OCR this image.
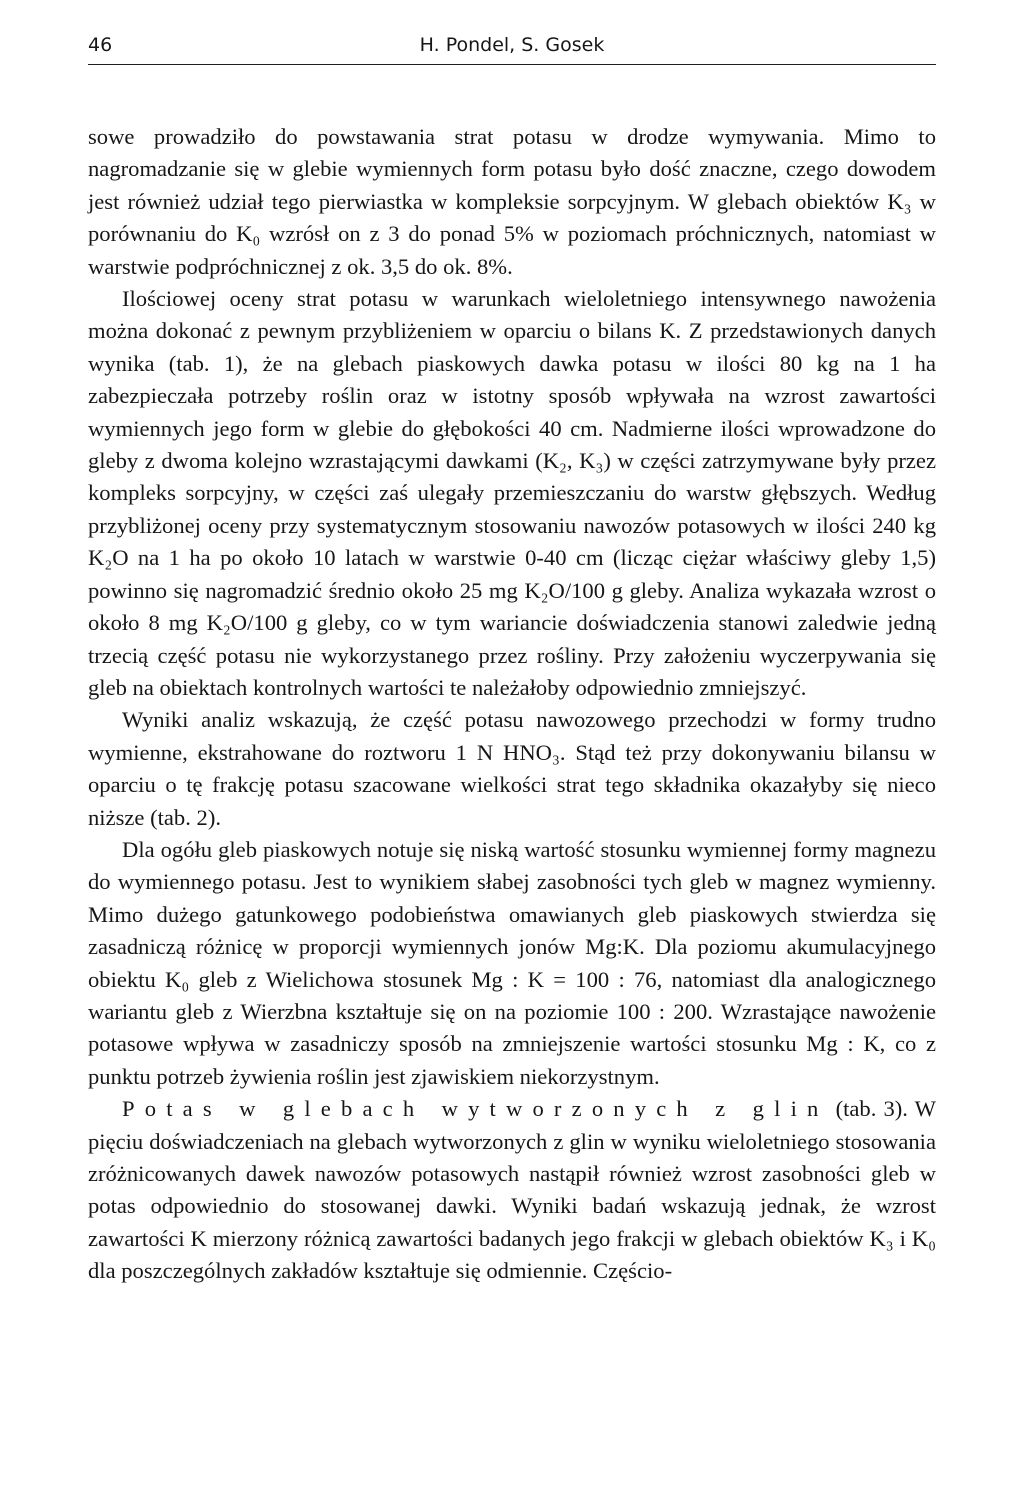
46	H. Pondel, S. Gosek

sowe prowadziło do powstawania strat potasu w drodze wymywania. Mimo to nagromadzanie się w glebie wymiennych form potasu było dość znaczne, czego dowodem jest również udział tego pierwiastka w kompleksie sorpcyjnym. W glebach obiektów K₃ w porównaniu do K₀ wzrósł on z 3 do ponad 5% w poziomach próchnicznych, natomiast w warstwie podpróchnicznej z ok. 3,5 do ok. 8%.

Ilościowej oceny strat potasu w warunkach wieloletniego intensywnego nawożenia można dokonać z pewnym przybliżeniem w oparciu o bilans K. Z przedstawionych danych wynika (tab. 1), że na glebach piaskowych dawka potasu w ilości 80 kg na 1 ha zabezpieczała potrzeby roślin oraz w istotny sposób wpływała na wzrost zawartości wymiennych jego form w glebie do głębokości 40 cm. Nadmierne ilości wprowadzone do gleby z dwoma kolejno wzrastającymi dawkami (K₂, K₃) w części zatrzymywane były przez kompleks sorpcyjny, w części zaś ulegały przemieszczaniu do warstw głębszych. Według przybliżonej oceny przy systematycznym stosowaniu nawozów potasowych w ilości 240 kg K₂O na 1 ha po około 10 latach w warstwie 0-40 cm (licząc ciężar właściwy gleby 1,5) powinno się nagromadzić średnio około 25 mg K₂O/100 g gleby. Analiza wykazała wzrost o około 8 mg K₂O/100 g gleby, co w tym wariancie doświadczenia stanowi zaledwie jedną trzecią część potasu nie wykorzystanego przez rośliny. Przy założeniu wyczerpywania się gleb na obiektach kontrolnych wartości te należałoby odpowiednio zmniejszyć.

Wyniki analiz wskazują, że część potasu nawozowego przechodzi w formy trudno wymienne, ekstrahowane do roztworu 1 N HNO₃. Stąd też przy dokonywaniu bilansu w oparciu o tę frakcję potasu szacowane wielkości strat tego składnika okazałyby się nieco niższe (tab. 2).

Dla ogółu gleb piaskowych notuje się niską wartość stosunku wymiennej formy magnezu do wymiennego potasu. Jest to wynikiem słabej zasobności tych gleb w magnez wymienny. Mimo dużego gatunkowego podobieństwa omawianych gleb piaskowych stwierdza się zasadniczą różnicę w proporcji wymiennych jonów Mg:K. Dla poziomu akumulacyjnego obiektu K₀ gleb z Wielichowa stosunek Mg : K = 100 : 76, natomiast dla analogicznego wariantu gleb z Wierzbna kształtuje się on na poziomie 100 : 200. Wzrastające nawożenie potasowe wpływa w zasadniczy sposób na zmniejszenie wartości stosunku Mg : K, co z punktu potrzeb żywienia roślin jest zjawiskiem niekorzystnym.

Potas w glebach wytworzonych z glin (tab. 3). W pięciu doświadczeniach na glebach wytworzonych z glin w wyniku wieloletniego stosowania zróżnicowanych dawek nawozów potasowych nastąpił również wzrost zasobności gleb w potas odpowiednio do stosowanej dawki. Wyniki badań wskazują jednak, że wzrost zawartości K mierzony różnicą zawartości badanych jego frakcji w glebach obiektów K₃ i K₀ dla poszczególnych zakładów kształtuje się odmiennie. Częścio-
